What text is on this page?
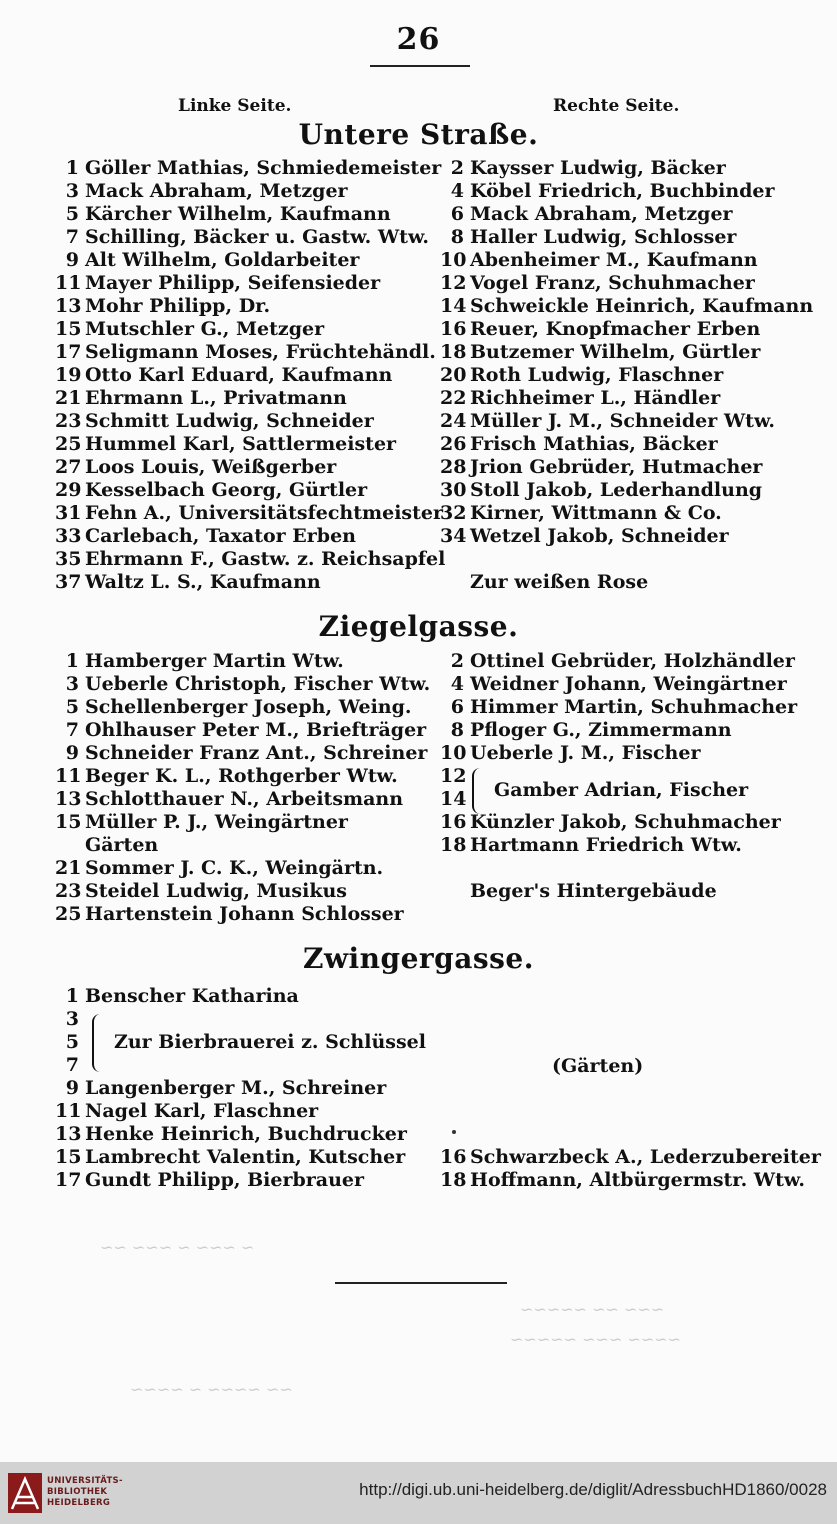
26
Linke Seite.	Rechte Seite.
Untere Straße.
1 Göller Mathias, Schmiedemeister
3 Mack Abraham, Metzger
5 Kärcher Wilhelm, Kaufmann
7 Schilling, Bäcker u. Gastw. Wtw.
9 Alt Wilhelm, Goldarbeiter
11 Mayer Philipp, Seifensieder
13 Mohr Philipp, Dr.
15 Mutschler G., Metzger
17 Seligmann Moses, Früchtehändl.
19 Otto Karl Eduard, Kaufmann
21 Ehrmann L., Privatmann
23 Schmitt Ludwig, Schneider
25 Hummel Karl, Sattlermeister
27 Loos Louis, Weißgerber
29 Kesselbach Georg, Gürtler
31 Fehn A., Universitätsfechtmeister
33 Carlebach, Taxator Erben
35 Ehrmann F., Gastw. z. Reichsapfel
37 Waltz L. S., Kaufmann
2 Kaysser Ludwig, Bäcker
4 Köbel Friedrich, Buchbinder
6 Mack Abraham, Metzger
8 Haller Ludwig, Schlosser
10 Abenheimer M., Kaufmann
12 Vogel Franz, Schuhmacher
14 Schweickle Heinrich, Kaufmann
16 Reuer, Knopfmacher Erben
18 Butzemer Wilhelm, Gürtler
20 Roth Ludwig, Flaschner
22 Richheimer L., Händler
24 Müller J. M., Schneider Wtw.
26 Frisch Mathias, Bäcker
28 Jrion Gebrüder, Hutmacher
30 Stoll Jakob, Lederhandlung
32 Kirner, Wittmann & Co.
34 Wetzel Jakob, Schneider
Zur weißen Rose
Ziegelgasse.
1 Hamberger Martin Wtw.
3 Ueberle Christoph, Fischer Wtw.
5 Schellenberger Joseph, Weing.
7 Ohlhauser Peter M., Briefträger
9 Schneider Franz Ant., Schreiner
11 Beger K. L., Rothgerber Wtw.
13 Schlotthauer N., Arbeitsmann
15 Müller P. J., Weingärtner
Gärten
21 Sommer J. C. K., Weingärtn.
23 Steidel Ludwig, Musikus
25 Hartenstein Johann Schlosser
2 Ottinel Gebrüder, Holzhändler
4 Weidner Johann, Weingärtner
6 Himmer Martin, Schuhmacher
8 Pfloger G., Zimmermann
10 Ueberle J. M., Fischer
12
14
16 Künzler Jakob, Schuhmacher
18 Hartmann Friedrich Wtw.
Beger's Hintergebäude
Gamber Adrian, Fischer
Zwingergasse.
1 Benscher Katharina
3
5
7
Zur Bierbrauerei z. Schlüssel
(Gärten)
9 Langenberger M., Schreiner
11 Nagel Karl, Flaschner
13 Henke Heinrich, Buchdrucker
15 Lambrecht Valentin, Kutscher
17 Gundt Philipp, Bierbrauer
16 Schwarzbeck A., Lederzubereiter
18 Hoffmann, Altbürgermstr. Wtw.
~ ~~~ ~ ~~~ ~~
~~~ ~~ ~~~~~
~~~~ ~~~ ~~~~~
~~ ~~~~ ~ ~~~~
UNIVERSITÄTS-
BIBLIOTHEK
HEIDELBERG
http://digi.ub.uni-heidelberg.de/diglit/AdressbuchHD1860/0028
